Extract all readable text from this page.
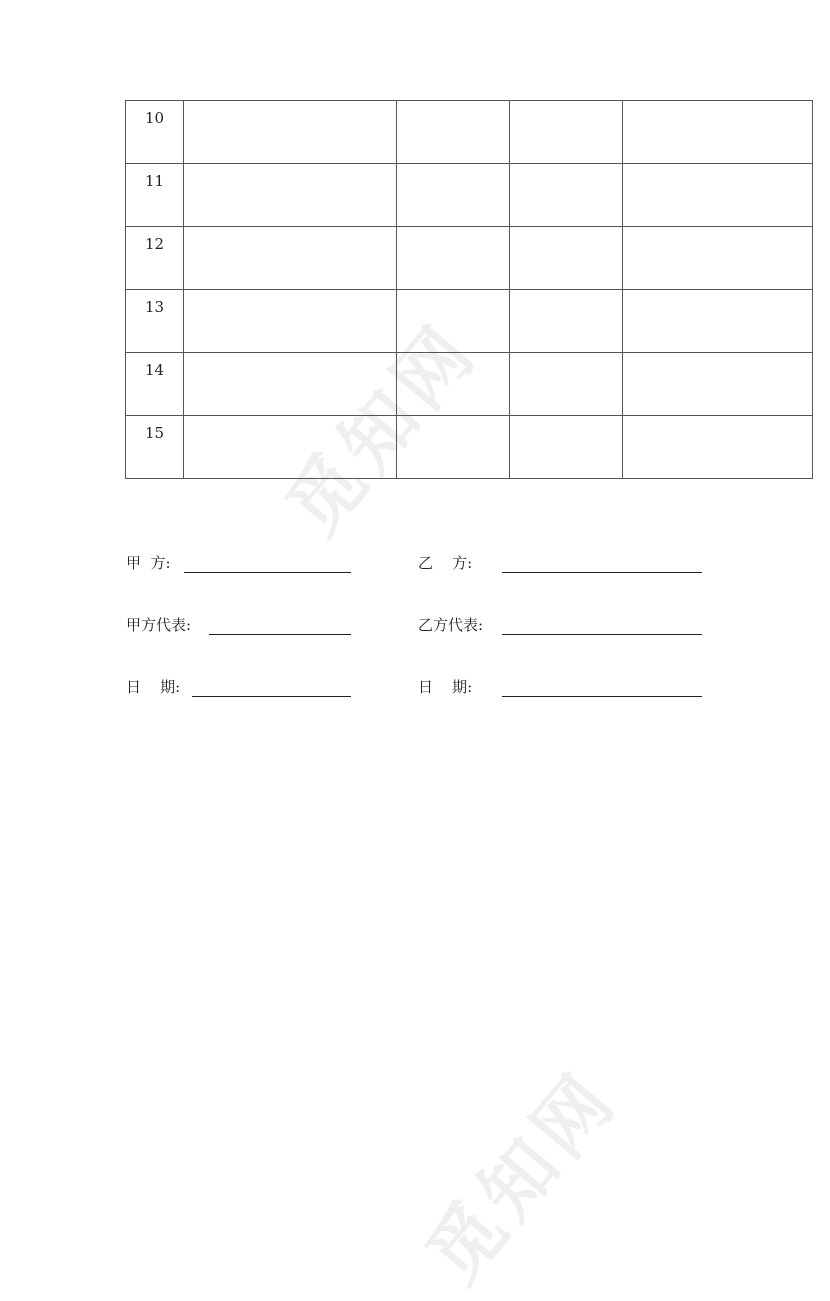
觅知网
觅知网
10				
11				
12				
13				
14				
15				
甲  方:	乙    方:
甲方代表:	乙方代表:
日    期:	日    期:
